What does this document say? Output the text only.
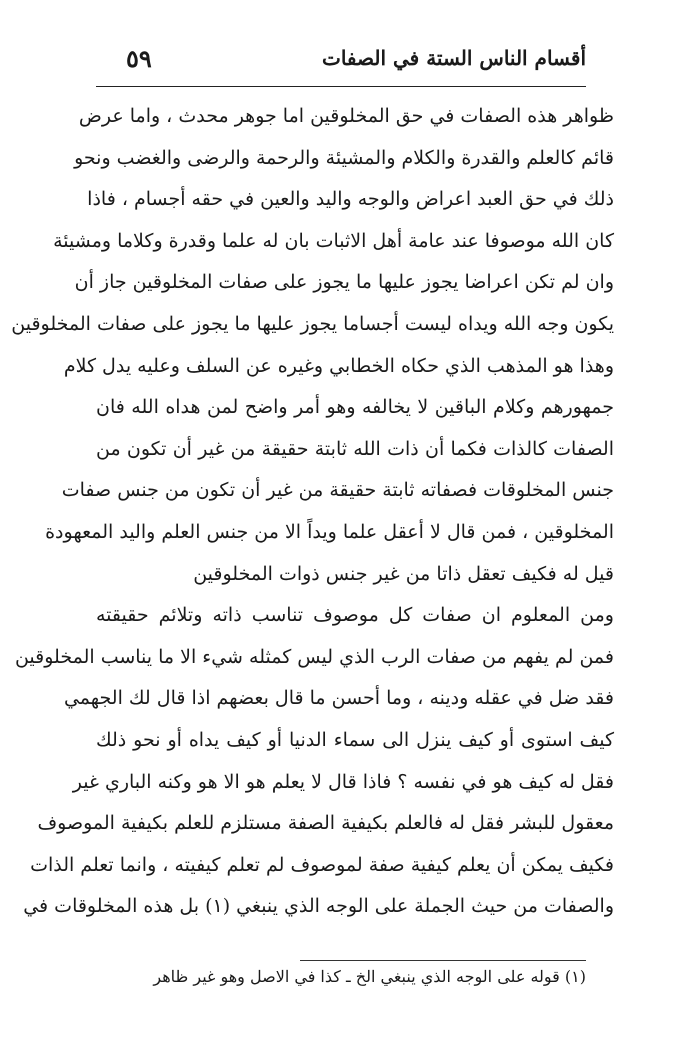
أقسام الناس الستة في الصفات
٥٩
ظواهر هذه الصفات في حق المخلوقين اما جوهر محدث ، واما عرض
قائم كالعلم والقدرة والكلام والمشيئة والرحمة والرضى والغضب ونحو
ذلك في حق العبد اعراض والوجه واليد والعين في حقه أجسام ، فاذا
كان الله موصوفا عند عامة أهل الاثبات بان له علما وقدرة وكلاما ومشيئة
وان لم تكن اعراضا يجوز عليها ما يجوز على صفات المخلوقين جاز أن
يكون وجه الله ويداه ليست أجساما يجوز عليها ما يجوز على صفات المخلوقين
وهذا هو المذهب الذي حكاه الخطابي وغيره عن السلف وعليه يدل كلام
جمهورهم وكلام الباقين لا يخالفه وهو أمر واضح لمن هداه الله فان
الصفات كالذات فكما أن ذات الله ثابتة حقيقة من غير أن تكون من
جنس المخلوقات فصفاته ثابتة حقيقة من غير أن تكون من جنس صفات
المخلوقين ، فمن قال لا أعقل علما ويداً الا من جنس العلم واليد المعهودة
قيل له فكيف تعقل ذاتا من غير جنس ذوات المخلوقين
ومن المعلوم ان صفات كل موصوف تناسب ذاته وتلائم حقيقته
فمن لم يفهم من صفات الرب الذي ليس كمثله شيء الا ما يناسب المخلوقين
فقد ضل في عقله ودينه ، وما أحسن ما قال بعضهم اذا قال لك الجهمي
كيف استوى أو كيف ينزل الى سماء الدنيا أو كيف يداه أو نحو ذلك
فقل له كيف هو في نفسه ؟ فاذا قال لا يعلم هو الا هو وكنه الباري غير
معقول للبشر فقل له فالعلم بكيفية الصفة مستلزم للعلم بكيفية الموصوف
فكيف يمكن أن يعلم كيفية صفة لموصوف لم تعلم كيفيته ، وانما تعلم الذات
والصفات من حيث الجملة على الوجه الذي ينبغي (١) بل هذه المخلوقات في
(١) قوله على الوجه الذي ينبغي الخ ـ كذا في الاصل وهو غير ظاهر
